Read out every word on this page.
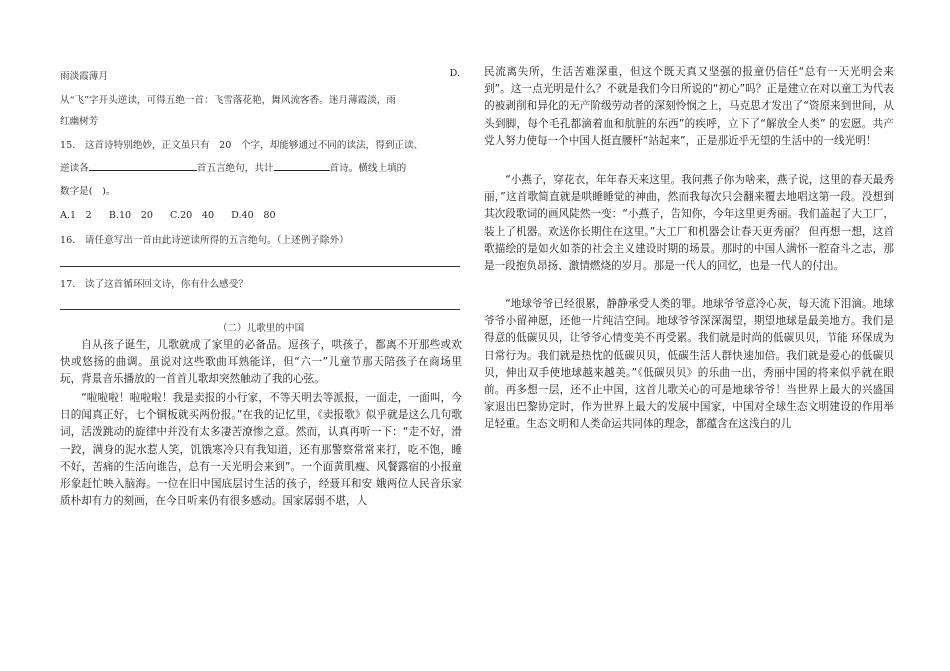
雨淡霞薄月	D.
从“飞”字开头逆读，可得五绝一首：飞雪落花艳，舞风流客香。迷月薄霞淡，雨
红幽树芳
15.　这首诗特别绝妙，正文虽只有　20　个字，却能够通过不同的读法，得到正读、
逆读各	首五言绝句，共计	首诗。横线上填的
数字是(　)。
A.1　2 B.10　20 C.20　40 D.40　80
16.　请任意写出一首由此诗逆读所得的五言绝句。（上述例子除外）
17.　读了这首循环回文诗，你有什么感受？
（二）儿歌里的中国

自从孩子诞生，儿歌就成了家里的必备品。逗孩子，哄孩子，都离不开那些或欢快或悠扬的曲调。虽说对这些歌曲耳熟能详，但“六一”儿童节那天陪孩子在商场里玩，背景音乐播放的一首首儿歌却突然触动了我的心弦。

“啦啦啦！啦啦啦！我是卖报的小行家，不等天明去等派报，一面走，一面叫，今日的闻真正好，七个铜板就买两份报。”在我的记忆里，《卖报歌》似乎就是这么几句歌词，活泼跳动的旋律中并没有太多凄苦潦惨之意。然而，认真再听一下：“走不好，滑一跤，满身的泥水惹人笑，饥饿寒冷只有我知道，还有那警察常常来打，吃不饱，睡不好，苦痛的生活向谁告，总有一天光明会来到”。一个面黄肌瘦、风餐露宿的小报童形象赶忙映入脑海。一位在旧中国底层讨生活的孩子，经聂耳和安 娥两位人民音乐家质朴却有力的刻画，在今日听来仍有很多感动。国家孱弱不堪，人

民流离失所，生活苦难深重，但这个既天真又坚强的报童仍信任“总有一天光明会来到”。这一点光明是什么？不就是我们今日所说的“初心”吗？正是建立在对以童工为代表的被剥削和异化的无产阶级劳动者的深刻怜悯之上，马克思才发出了“资原来到世间，从头到脚，每个毛孔都滴着血和肮脏的东西”的疾呼，立下了“解放全人类” 的宏愿。共产党人努力使每一个中国人挺直腰杆“站起来”，正是那近乎无望的生活中的一线光明！

“小燕子，穿花衣，年年春天来这里。我问燕子你为啥来，燕子说，这里的春天最秀丽，”这首歌简直就是哄睡睡觉的神曲，然而我每次只会翻来覆去地唱这第一段。没想到其次段歌词的画风陡然一变：“小燕子，告知你，今年这里更秀丽。我们盖起了大工厂，装上了机器。欢送你长期住在这里。”大工厂和机器会让春天更秀丽？ 但再想一想，这首歌描绘的是如火如荼的社会主义建设时期的场景。那时的中国人满怀一腔奋斗之志，那是一段抱负昂扬、激情燃烧的岁月。那是一代人的回忆，也是一代人的付出。

“地球爷爷已经很累，静静承受人类的罪。地球爷爷意冷心灰，每天流下泪滴。地球爷爷小留神愿，还他一片纯洁空间。地球爷爷深深渴望，期望地球是最美地方。我们是得意的低碳贝贝，让爷爷心情变美不再受累。我们就是时尚的低碳贝贝，节能 环保成为日常行为。我们就是热忱的低碳贝贝，低碳生活人群快速加倍。我们就是爱心的低碳贝贝，伸出双手使地球越来越美。”《低碳贝贝》的乐曲一出，秀丽中国的将来似乎就在眼前。再多想一层，还不止中国，这首儿歌关心的可是地球爷爷！当世界上最大的兴盛国家退出巴黎协定时，作为世界上最大的发展中国家，中国对全球生态文明建设的作用举足轻重。生态文明和人类命运共同体的理念，都蕴含在这浅白的儿
